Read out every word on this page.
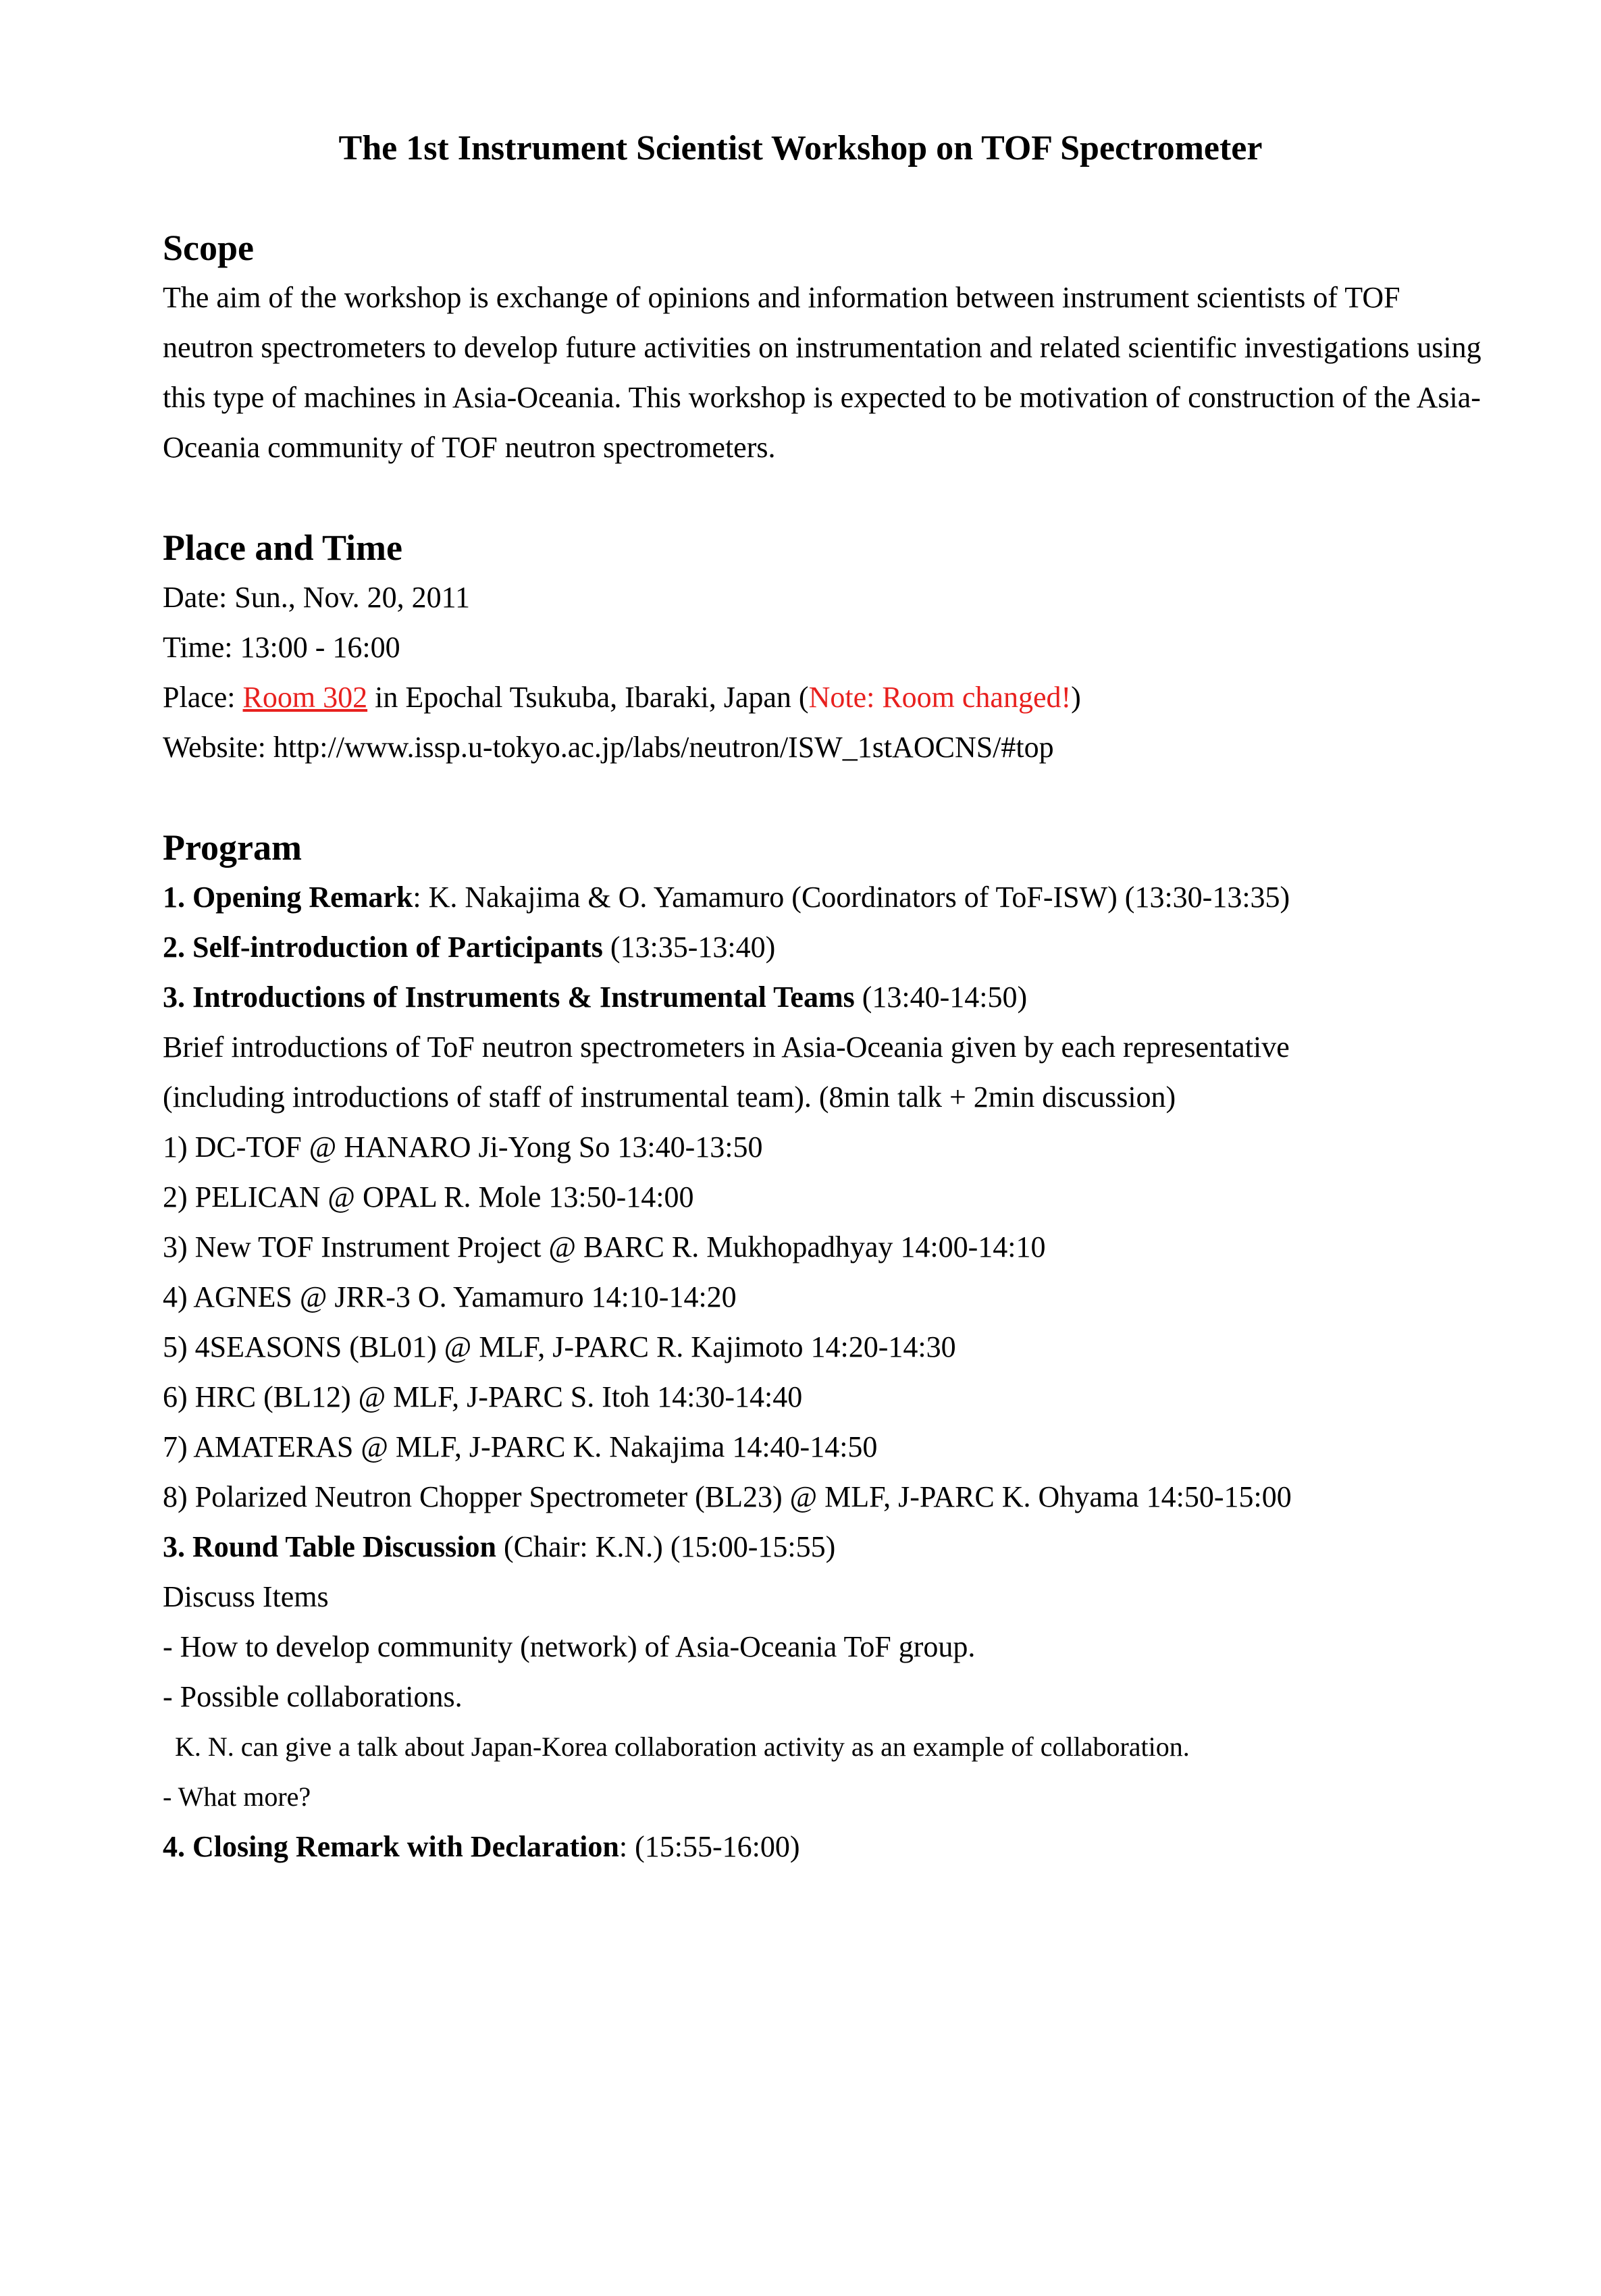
The 1st Instrument Scientist Workshop on TOF Spectrometer
Scope

The aim of the workshop is exchange of opinions and information between instrument scientists of TOF neutron spectrometers to develop future activities on instrumentation and related scientific investigations using this type of machines in Asia-Oceania. This workshop is expected to be motivation of construction of the Asia-Oceania community of TOF neutron spectrometers.

Place and Time

Date: Sun., Nov. 20, 2011

Time: 13:00 - 16:00

Place: Room 302 in Epochal Tsukuba, Ibaraki, Japan (Note: Room changed!)

Website: http://www.issp.u-tokyo.ac.jp/labs/neutron/ISW_1stAOCNS/#top

Program

1. Opening Remark: K. Nakajima & O. Yamamuro (Coordinators of ToF-ISW) (13:30-13:35)

2. Self-introduction of Participants (13:35-13:40)

3. Introductions of Instruments & Instrumental Teams (13:40-14:50)

Brief introductions of ToF neutron spectrometers in Asia-Oceania given by each representative

(including introductions of staff of instrumental team). (8min talk + 2min discussion)

1) DC-TOF @ HANARO Ji-Yong So 13:40-13:50

2) PELICAN @ OPAL R. Mole 13:50-14:00

3) New TOF Instrument Project @ BARC R. Mukhopadhyay 14:00-14:10

4) AGNES @ JRR-3 O. Yamamuro 14:10-14:20

5) 4SEASONS (BL01) @ MLF, J-PARC R. Kajimoto 14:20-14:30

6) HRC (BL12) @ MLF, J-PARC S. Itoh 14:30-14:40

7) AMATERAS @ MLF, J-PARC K. Nakajima 14:40-14:50

8) Polarized Neutron Chopper Spectrometer (BL23) @ MLF, J-PARC K. Ohyama 14:50-15:00

3. Round Table Discussion (Chair: K.N.) (15:00-15:55)

Discuss Items

- How to develop community (network) of Asia-Oceania ToF group.

- Possible collaborations.

K. N. can give a talk about Japan-Korea collaboration activity as an example of collaboration.

- What more?

4. Closing Remark with Declaration: (15:55-16:00)
